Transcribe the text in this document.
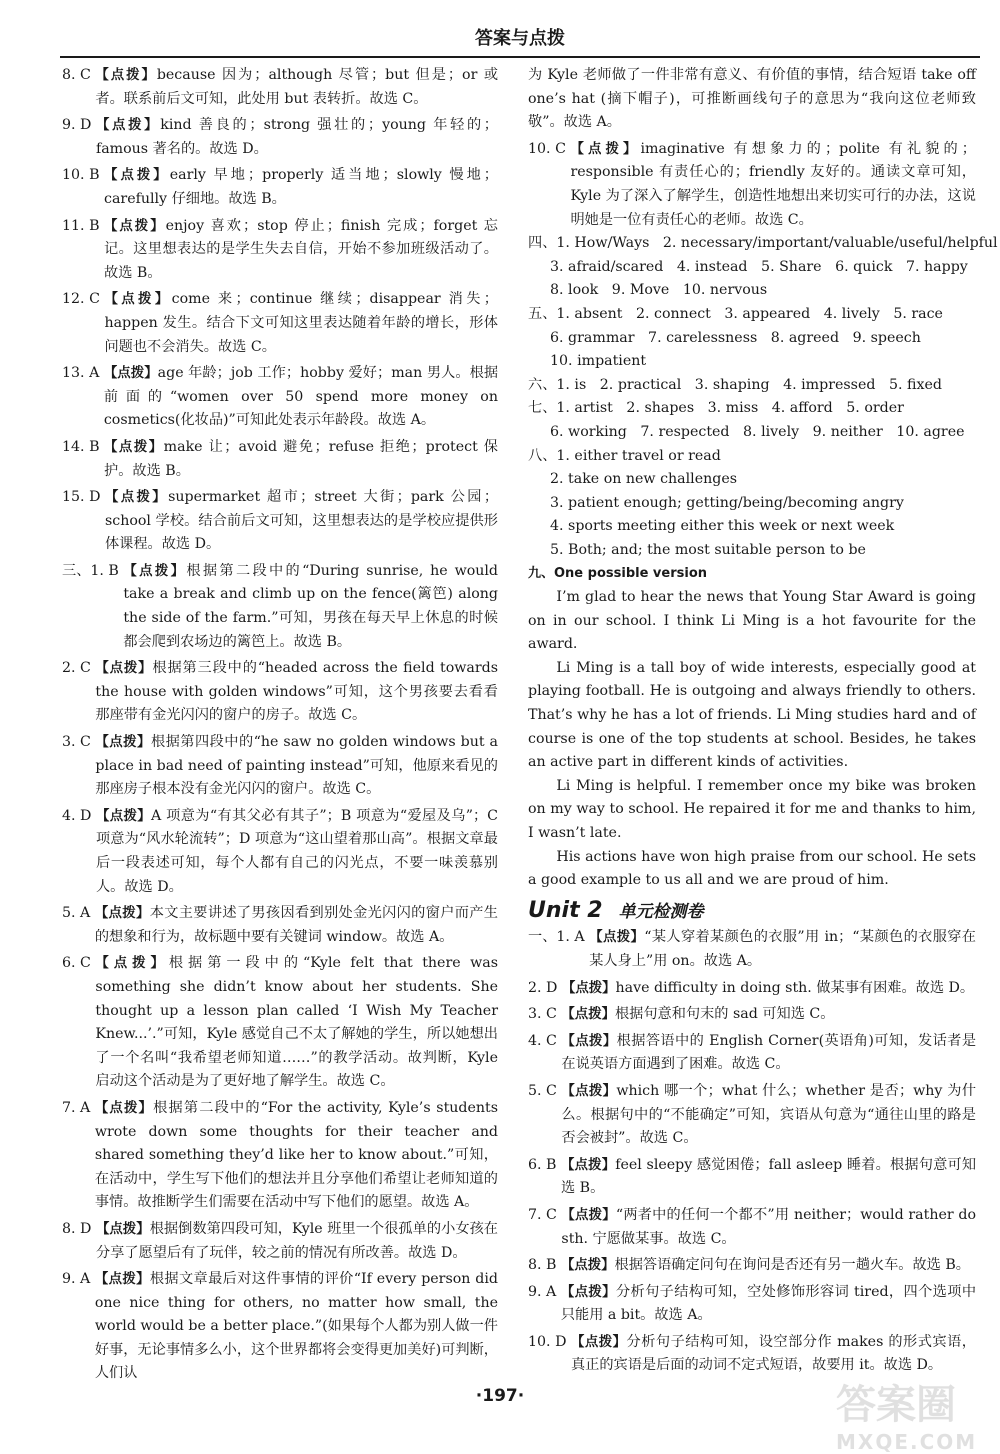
答案与点拨
8. C 【点拨】because 因为；although 尽管；but 但是；or 或者。联系前后文可知，此处用 but 表转折。故选 C。
9. D 【点拨】kind 善良的；strong 强壮的；young 年轻的；famous 著名的。故选 D。
10. B 【点拨】early 早地；properly 适当地；slowly 慢地；carefully 仔细地。故选 B。
11. B 【点拨】enjoy 喜欢；stop 停止；finish 完成；forget 忘记。这里想表达的是学生失去自信，开始不参加班级活动了。故选 B。
12. C 【点拨】come 来；continue 继续；disappear 消失；happen 发生。结合下文可知这里表达随着年龄的增长，形体问题也不会消失。故选 C。
13. A 【点拨】age 年龄；job 工作；hobby 爱好；man 男人。根据前面的“women over 50 spend more money on cosmetics(化妆品)”可知此处表示年龄段。故选 A。
14. B 【点拨】make 让；avoid 避免；refuse 拒绝；protect 保护。故选 B。
15. D 【点拨】supermarket 超市；street 大街；park 公园；school 学校。结合前后文可知，这里想表达的是学校应提供形体课程。故选 D。
三、1. B 【点拨】根据第二段中的“During sunrise, he would take a break and climb up on the fence(篱笆) along the side of the farm.”可知，男孩在每天早上休息的时候都会爬到农场边的篱笆上。故选 B。
2. C 【点拨】根据第三段中的“headed across the field towards the house with golden windows”可知，这个男孩要去看看那座带有金光闪闪的窗户的房子。故选 C。
3. C 【点拨】根据第四段中的“he saw no golden windows but a place in bad need of painting instead”可知，他原来看见的那座房子根本没有金光闪闪的窗户。故选 C。
4. D 【点拨】A 项意为“有其父必有其子”；B 项意为“爱屋及乌”；C 项意为“风水轮流转”；D 项意为“这山望着那山高”。根据文章最后一段表述可知，每个人都有自己的闪光点，不要一味羡慕别人。故选 D。
5. A 【点拨】本文主要讲述了男孩因看到别处金光闪闪的窗户而产生的想象和行为，故标题中要有关键词 window。故选 A。
6. C 【点拨】根据第一段中的“Kyle felt that there was something she didn’t know about her students. She thought up a lesson plan called ‘I Wish My Teacher Knew...’.”可知，Kyle 感觉自己不太了解她的学生，所以她想出了一个名叫“我希望老师知道……”的教学活动。故判断，Kyle 启动这个活动是为了更好地了解学生。故选 C。
7. A 【点拨】根据第二段中的“For the activity, Kyle’s students wrote down some thoughts for their teacher and shared something they’d like her to know about.”可知，在活动中，学生写下他们的想法并且分享他们希望让老师知道的事情。故推断学生们需要在活动中写下他们的愿望。故选 A。
8. D 【点拨】根据倒数第四段可知，Kyle 班里一个很孤单的小女孩在分享了愿望后有了玩伴，较之前的情况有所改善。故选 D。
9. A 【点拨】根据文章最后对这件事情的评价“If every person did one nice thing for others, no matter how small, the world would be a better place.”(如果每个人都为别人做一件好事，无论事情多么小，这个世界都将会变得更加美好)可判断，人们认
为 Kyle 老师做了一件非常有意义、有价值的事情，结合短语 take off one’s hat (摘下帽子)，可推断画线句子的意思为“我向这位老师致敬”。故选 A。
10. C 【点拨】imaginative 有想象力的；polite 有礼貌的；responsible 有责任心的；friendly 友好的。通读文章可知，Kyle 为了深入了解学生，创造性地想出来切实可行的办法，这说明她是一位有责任心的老师。故选 C。
四、1. How/Ways   2. necessary/important/valuable/useful/helpful
3. afraid/scared   4. instead   5. Share   6. quick   7. happy
8. look   9. Move   10. nervous
五、1. absent   2. connect   3. appeared   4. lively   5. race
6. grammar   7. carelessness   8. agreed   9. speech
10. impatient
六、1. is   2. practical   3. shaping   4. impressed   5. fixed
七、1. artist   2. shapes   3. miss   4. afford   5. order
6. working   7. respected   8. lively   9. neither   10. agree
八、1. either travel or read
2. take on new challenges
3. patient enough; getting/being/becoming angry
4. sports meeting either this week or next week
5. Both; and; the most suitable person to be
九、One possible version

I’m glad to hear the news that Young Star Award is going on in our school. I think Li Ming is a hot favourite for the award.

Li Ming is a tall boy of wide interests, especially good at playing football. He is outgoing and always friendly to others. That’s why he has a lot of friends. Li Ming studies hard and of course is one of the top students at school. Besides, he takes an active part in different kinds of activities.

Li Ming is helpful. I remember once my bike was broken on my way to school. He repaired it for me and thanks to him, I wasn’t late.

His actions have won high praise from our school. He sets a good example to us all and we are proud of him.

Unit 2 单元检测卷
一、1. A 【点拨】“某人穿着某颜色的衣服”用 in；“某颜色的衣服穿在某人身上”用 on。故选 A。
2. D 【点拨】have difficulty in doing sth. 做某事有困难。故选 D。
3. C 【点拨】根据句意和句末的 sad 可知选 C。
4. C 【点拨】根据答语中的 English Corner(英语角)可知，发话者是在说英语方面遇到了困难。故选 C。
5. C 【点拨】which 哪一个；what 什么；whether 是否；why 为什么。根据句中的“不能确定”可知，宾语从句意为“通往山里的路是否会被封”。故选 C。
6. B 【点拨】feel sleepy 感觉困倦；fall asleep 睡着。根据句意可知选 B。
7. C 【点拨】“两者中的任何一个都不”用 neither；would rather do sth. 宁愿做某事。故选 C。
8. B 【点拨】根据答语确定问句在询问是否还有另一趟火车。故选 B。
9. A 【点拨】分析句子结构可知，空处修饰形容词 tired，四个选项中只能用 a bit。故选 A。
10. D 【点拨】分析句子结构可知，设空部分作 makes 的形式宾语，真正的宾语是后面的动词不定式短语，故要用 it。故选 D。
·197·	答案圈
MXQE.COM
